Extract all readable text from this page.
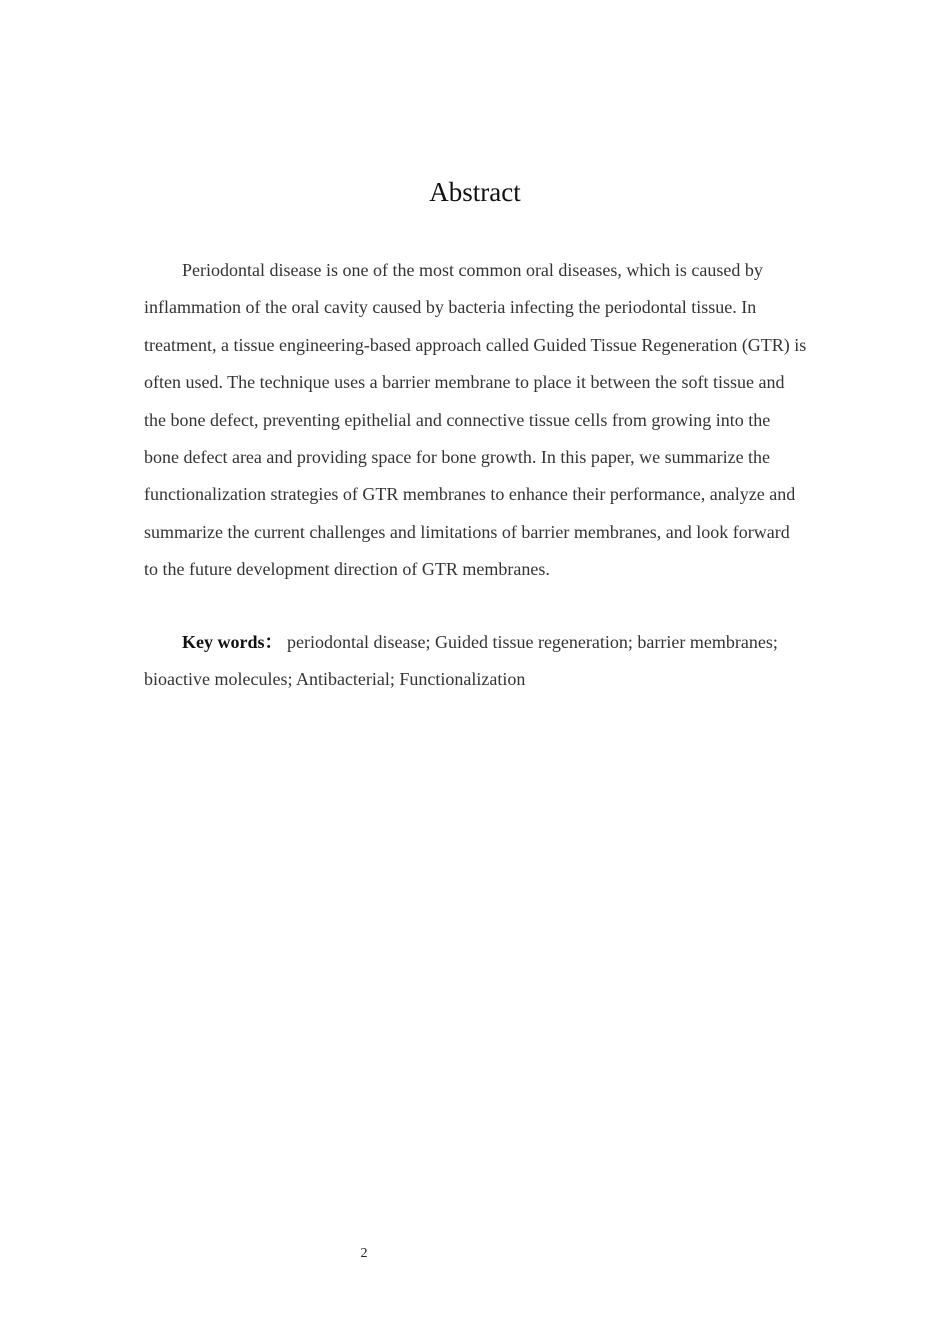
Abstract

Periodontal disease is one of the most common oral diseases, which is caused by inflammation of the oral cavity caused by bacteria infecting the periodontal tissue. In treatment, a tissue engineering-based approach called Guided Tissue Regeneration (GTR) is often used. The technique uses a barrier membrane to place it between the soft tissue and the bone defect, preventing epithelial and connective tissue cells from growing into the bone defect area and providing space for bone growth. In this paper, we summarize the functionalization strategies of GTR membranes to enhance their performance, analyze and summarize the current challenges and limitations of barrier membranes, and look forward to the future development direction of GTR membranes.

Key words： periodontal disease; Guided tissue regeneration; barrier membranes; bioactive molecules; Antibacterial; Functionalization

2
